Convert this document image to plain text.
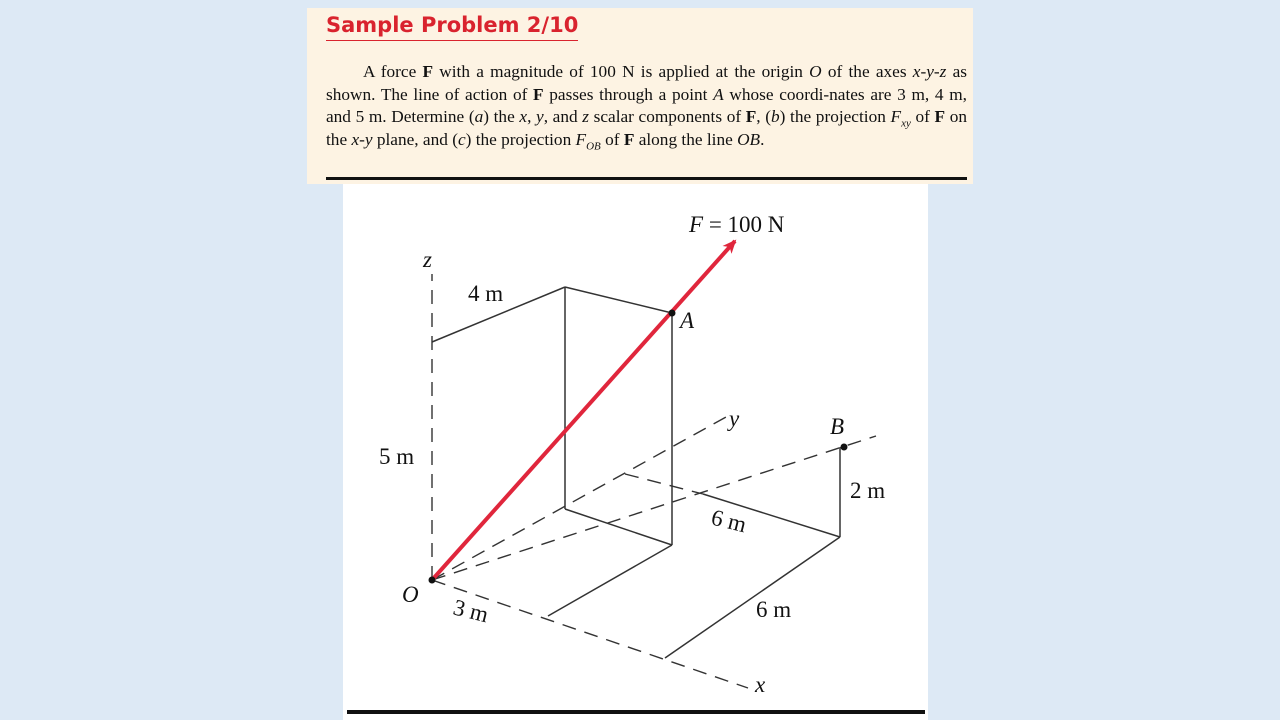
Sample Problem 2/10

A force F with a magnitude of 100 N is applied at the origin O of the axes x-y-z as shown. The line of action of F passes through a point A whose coordi-nates are 3 m, 4 m, and 5 m. Determine (a) the x, y, and z scalar components of F, (b) the projection $F_{xy}$ of F on the x-y plane, and (c) the projection $F_{OB}$ of F along the line OB.

F = 100 N
z
y
x
O
A
B
4 m
5 m
3 m
2 m
6 m
6 m
